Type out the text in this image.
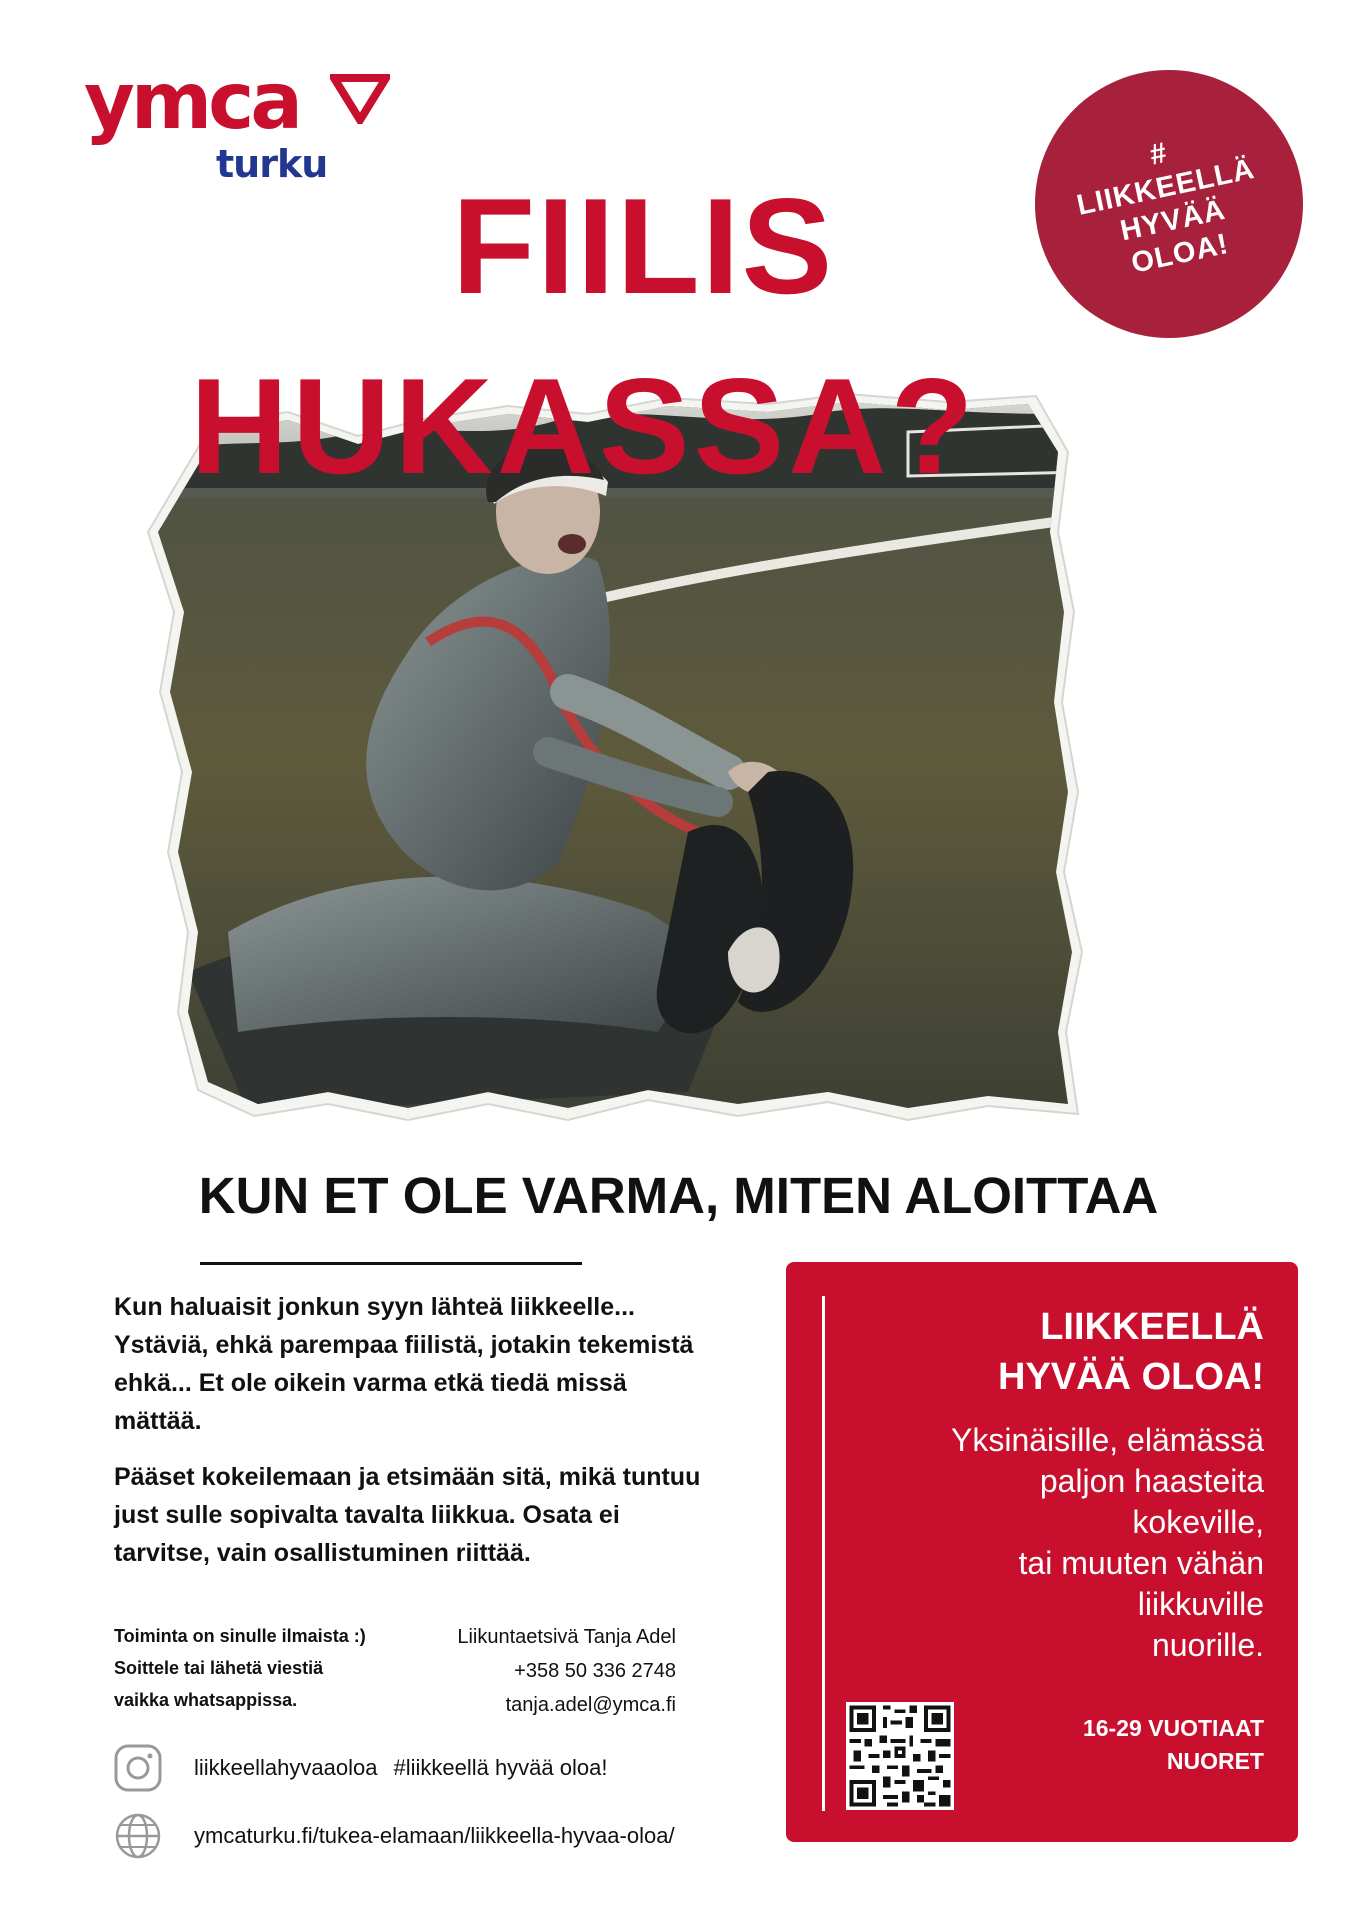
ymca
turku	#
LIIKKEELLÄ
HYVÄÄ
OLOA!
FIILIS
HUKASSA?
KUN ET OLE VARMA, MITEN ALOITTAA

Kun haluaisit jonkun syyn lähteä liikkeelle... Ystäviä, ehkä parempaa fiilistä, jotakin tekemistä ehkä... Et ole oikein varma etkä tiedä missä mättää.

Pääset kokeilemaan ja etsimään sitä, mikä tuntuu just sulle sopivalta tavalta liikkua. Osata ei tarvitse, vain osallistuminen riittää.

Toiminta on sinulle ilmaista :)
Soittele tai lähetä viestiä
vaikka whatsappissa.
Liikuntaetsivä Tanja Adel
+358 50 336 2748
tanja.adel@ymca.fi
liikkeellahyvaaoloa #liikkeellä hyvää oloa!
ymcaturku.fi/tukea-elamaan/liikkeella-hyvaa-oloa/
LIIKKEELLÄ
HYVÄÄ OLOA!

Yksinäisille, elämässä
paljon haasteita
kokeville,
tai muuten vähän
liikkuville
nuorille.

16-29 VUOTIAAT
NUORET
